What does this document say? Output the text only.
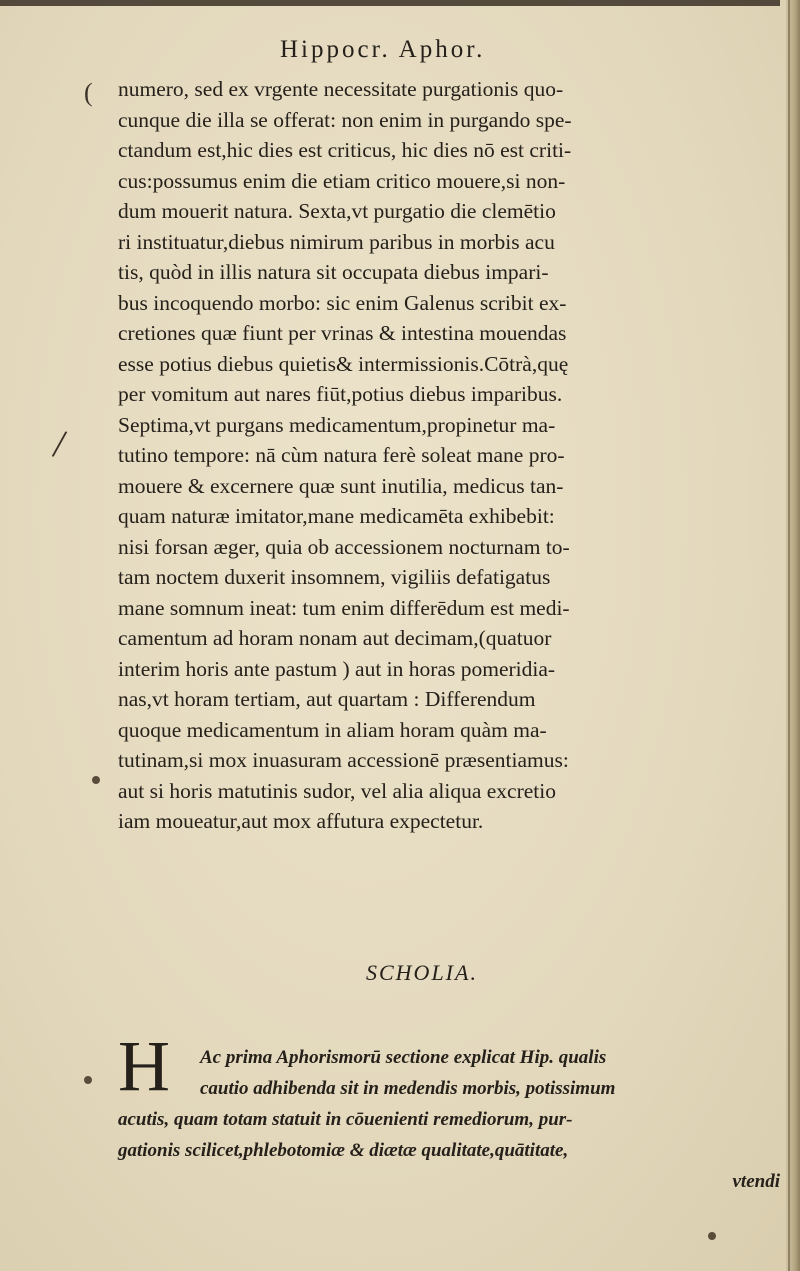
Hippocr. Aphor.
(
/
numero, sed ex vrgente necessitate purgationis quo-
cunque die illa se offerat: non enim in purgando spe-
ctandum est,hic dies est criticus, hic dies nō est criti-
cus:possumus enim die etiam critico mouere,si non-
dum mouerit natura. Sexta,vt purgatio die clemētio
ri instituatur,diebus nimirum paribus in morbis acu
tis, quòd in illis natura sit occupata diebus impari-
bus incoquendo morbo: sic enim Galenus scribit ex-
cretiones quæ fiunt per vrinas & intestina mouendas
esse potius diebus quietis& intermissionis.Cōtrà,quę
per vomitum aut nares fiūt,potius diebus imparibus.
Septima,vt purgans medicamentum,propinetur ma-
tutino tempore: nā cùm natura ferè soleat mane pro-
mouere & excernere quæ sunt inutilia, medicus tan-
quam naturæ imitator,mane medicamēta exhibebit:
nisi forsan æger, quia ob accessionem nocturnam to-
tam noctem duxerit insomnem, vigiliis defatigatus
mane somnum ineat: tum enim differēdum est medi-
camentum ad horam nonam aut decimam,(quatuor
interim horis ante pastum ) aut in horas pomeridia-
nas,vt horam tertiam, aut quartam : Differendum
quoque medicamentum in aliam horam quàm ma-
tutinam,si mox inuasuram accessionē præsentiamus:
aut si horis matutinis sudor, vel alia aliqua excretio
iam moueatur,aut mox affutura expectetur.
SCHOLIA.
H Ac prima Aphorismorū sectione explicat Hip. qualis
cautio adhibenda sit in medendis morbis, potissimum
acutis, quam totam statuit in cōuenienti remediorum, pur-
gationis scilicet,phlebotomiæ & diætæ qualitate,quātitate,
vtendi
